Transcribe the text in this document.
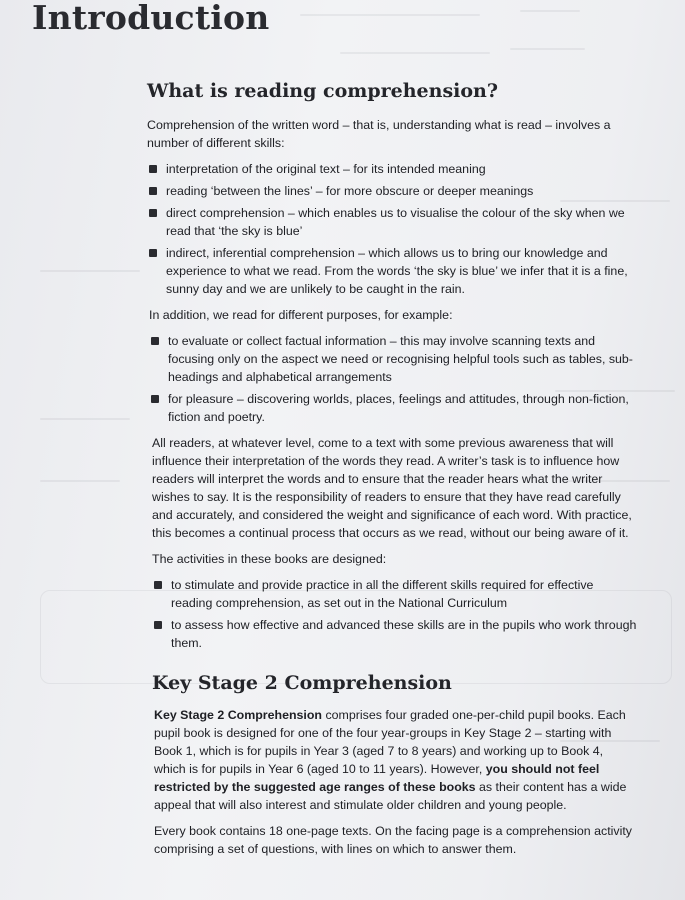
Introduction
What is reading comprehension?

Comprehension of the written word – that is, understanding what is read – involves a number of different skills:

interpretation of the original text – for its intended meaning
reading ‘between the lines’ – for more obscure or deeper meanings
direct comprehension – which enables us to visualise the colour of the sky when we read that ‘the sky is blue’
indirect, inferential comprehension – which allows us to bring our knowledge and experience to what we read. From the words ‘the sky is blue’ we infer that it is a fine, sunny day and we are unlikely to be caught in the rain.

In addition, we read for different purposes, for example:

to evaluate or collect factual information – this may involve scanning texts and focusing only on the aspect we need or recognising helpful tools such as tables, sub-headings and alphabetical arrangements
for pleasure – discovering worlds, places, feelings and attitudes, through non-fiction, fiction and poetry.

All readers, at whatever level, come to a text with some previous awareness that will influence their interpretation of the words they read. A writer’s task is to influence how readers will interpret the words and to ensure that the reader hears what the writer wishes to say. It is the responsibility of readers to ensure that they have read carefully and accurately, and considered the weight and significance of each word. With practice, this becomes a continual process that occurs as we read, without our being aware of it.

The activities in these books are designed:

to stimulate and provide practice in all the different skills required for effective reading comprehension, as set out in the National Curriculum
to assess how effective and advanced these skills are in the pupils who work through them.
Key Stage 2 Comprehension

Key Stage 2 Comprehension comprises four graded one-per-child pupil books. Each pupil book is designed for one of the four year-groups in Key Stage 2 – starting with Book 1, which is for pupils in Year 3 (aged 7 to 8 years) and working up to Book 4, which is for pupils in Year 6 (aged 10 to 11 years). However, you should not feel restricted by the suggested age ranges of these books as their content has a wide appeal that will also interest and stimulate older children and young people.

Every book contains 18 one-page texts. On the facing page is a comprehension activity comprising a set of questions, with lines on which to answer them.
